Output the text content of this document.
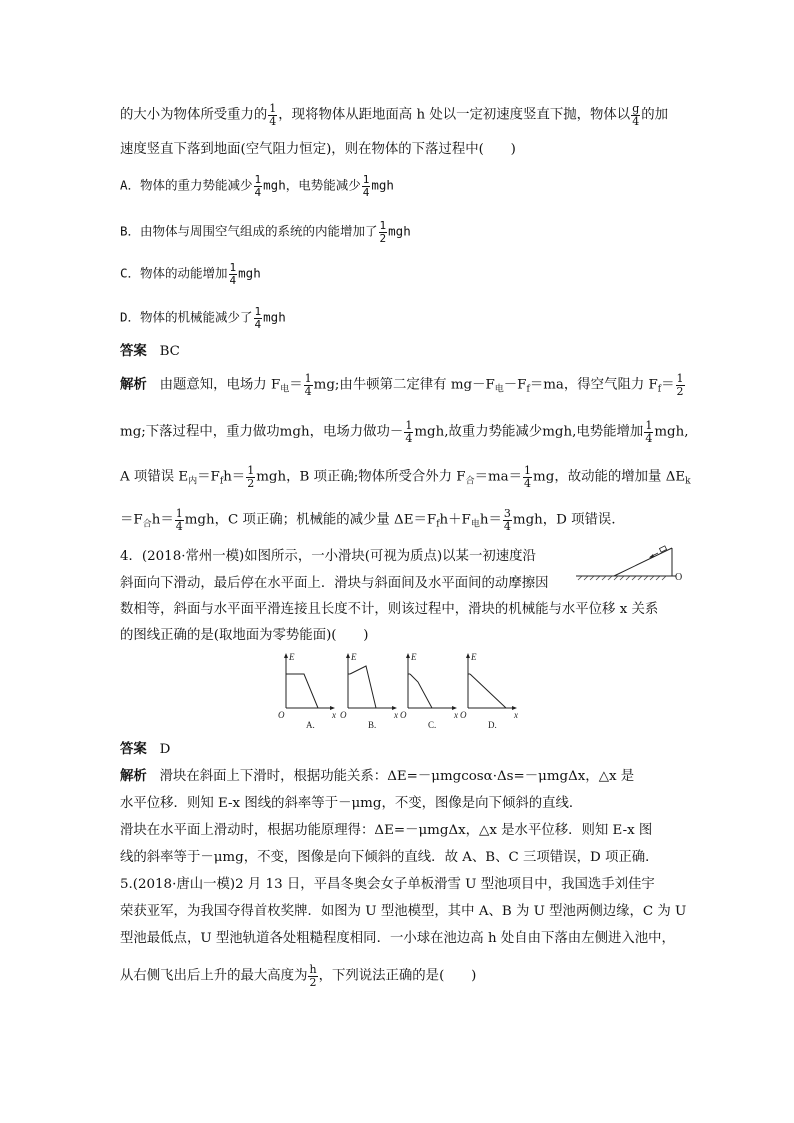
的大小为物体所受重力的 $\frac{1}{4}$ ，现将物体从距地面高 h 处以一定初速度竖直下抛，物体以 $\frac{g}{4}$ 的加
速度竖直下落到地面(空气阻力恒定)，则在物体的下落过程中(　　)
A．物体的重力势能减少 $\frac{1}{4}$ mgh，电势能减少 $\frac{1}{4}$ mgh
B．由物体与周围空气组成的系统的内能增加了 $\frac{1}{2}$ mgh
C．物体的动能增加 $\frac{1}{4}$ mgh
D．物体的机械能减少了 $\frac{1}{4}$ mgh
答案 BC
解析 由题意知，电场力 $F_电= \frac{1}{4}$ mg;由牛顿第二定律有 $mg-F_电-F_f=ma$，得空气阻力 $F_f= \frac{1}{2}$
mg;下落过程中，重力做功mgh，电场力做功－ $\frac{1}{4}$ mgh,故重力势能减少mgh,电势能增加 $\frac{1}{4}$ mgh,
A 项错误 $E_内=F_fh= \frac{1}{2}$ mgh，B 项正确;物体所受合外力 $F_合=ma= \frac{1}{4}$ mg，故动能的增加量 $\Delta E_k$
$=F_合h= \frac{1}{4}$ mgh，C 项正确；机械能的减少量 $\Delta E=F_fh+F_电h= \frac{3}{4}$ mgh，D 项错误．
4．(2018·常州一模)如图所示，一小滑块(可视为质点)以某一初速度沿
斜面向下滑动，最后停在水平面上．滑块与斜面间及水平面间的动摩擦因
数相等，斜面与水平面平滑连接且长度不计，则该过程中，滑块的机械能与水平位移 x 关系
的图线正确的是(取地面为零势能面)(　　)
O
E
x
O
A.
E
x
O
B.
E
x
O
C.
E
x
O
D.
答案 D
解析 滑块在斜面上下滑时，根据功能关系：ΔE=－μmgcosα·Δs=－μmgΔx，△x 是
水平位移．则知 E-x 图线的斜率等于－μmg，不变，图像是向下倾斜的直线．
滑块在水平面上滑动时，根据功能原理得：ΔE=－μmgΔx，△x 是水平位移．则知 E-x 图
线的斜率等于－μmg，不变，图像是向下倾斜的直线．故 A、B、C 三项错误，D 项正确．
5.(2018·唐山一模)2 月 13 日，平昌冬奥会女子单板滑雪 U 型池项目中，我国选手刘佳宇
荣获亚军，为我国夺得首枚奖牌．如图为 U 型池模型，其中 A、B 为 U 型池两侧边缘，C 为 U
型池最低点，U 型池轨道各处粗糙程度相同．一小球在池边高 h 处自由下落由左侧进入池中，
从右侧飞出后上升的最大高度为 $\frac{h}{2}$ ，下列说法正确的是(　　)
